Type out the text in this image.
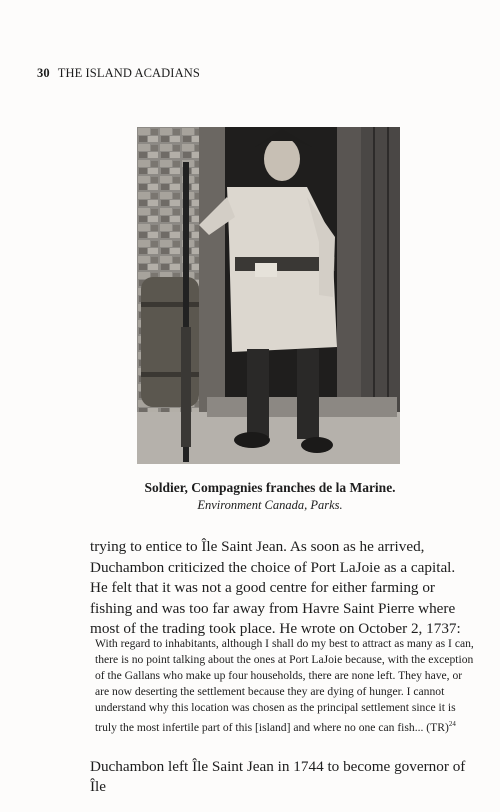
30 THE ISLAND ACADIANS
Soldier, Compagnies franches de la Marine.
Environment Canada, Parks.

trying to entice to Île Saint Jean. As soon as he arrived, Duchambon criticized the choice of Port LaJoie as a capital. He felt that it was not a good centre for either farming or fishing and was too far away from Havre Saint Pierre where most of the trading took place. He wrote on October 2, 1737:

With regard to inhabitants, although I shall do my best to attract as many as I can, there is no point talking about the ones at Port LaJoie because, with the exception of the Gallans who make up four households, there are none left. They have, or are now deserting the settlement because they are dying of hunger. I cannot understand why this location was chosen as the principal settlement since it is truly the most infertile part of this [island] and where no one can fish... (TR)$^{24}$

Duchambon left Île Saint Jean in 1744 to become governor of Île
